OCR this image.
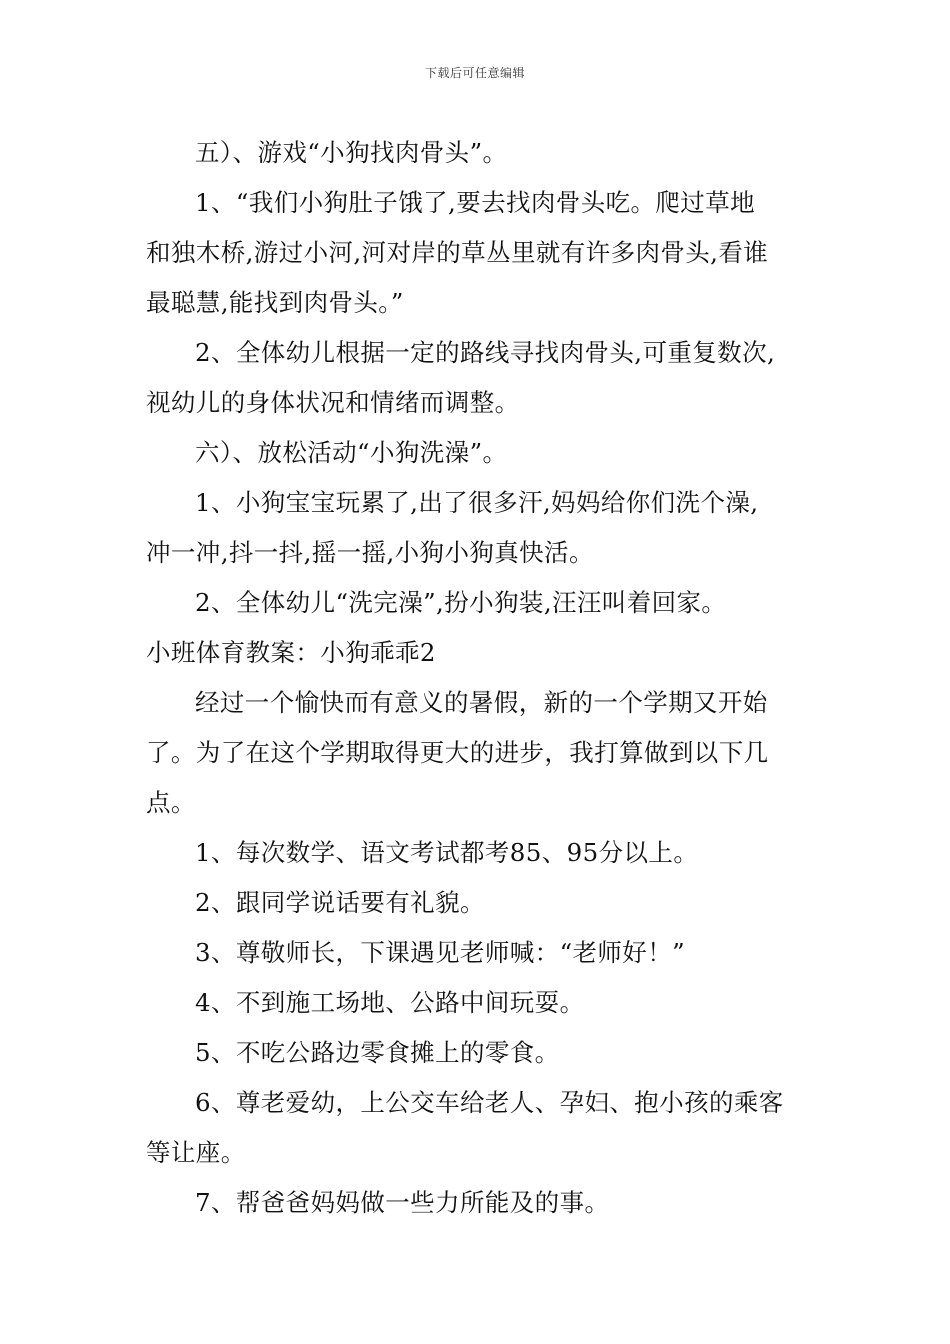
下载后可任意编辑
五）、游戏“小狗找肉骨头”。
1、“我们小狗肚子饿了,要去找肉骨头吃。爬过草地
和独木桥,游过小河,河对岸的草丛里就有许多肉骨头,看谁
最聪慧,能找到肉骨头。”
2、全体幼儿根据一定的路线寻找肉骨头,可重复数次,
视幼儿的身体状况和情绪而调整。
六）、放松活动“小狗洗澡”。
1、小狗宝宝玩累了,出了很多汗,妈妈给你们洗个澡,
冲一冲,抖一抖,摇一摇,小狗小狗真快活。
2、全体幼儿“洗完澡”,扮小狗装,汪汪叫着回家。
小班体育教案：小狗乖乖2
经过一个愉快而有意义的暑假，新的一个学期又开始
了。为了在这个学期取得更大的进步，我打算做到以下几
点。
1、每次数学、语文考试都考85、95分以上。
2、跟同学说话要有礼貌。
3、尊敬师长，下课遇见老师喊：“老师好！”
4、不到施工场地、公路中间玩耍。
5、不吃公路边零食摊上的零食。
6、尊老爱幼，上公交车给老人、孕妇、抱小孩的乘客
等让座。
7、帮爸爸妈妈做一些力所能及的事。
